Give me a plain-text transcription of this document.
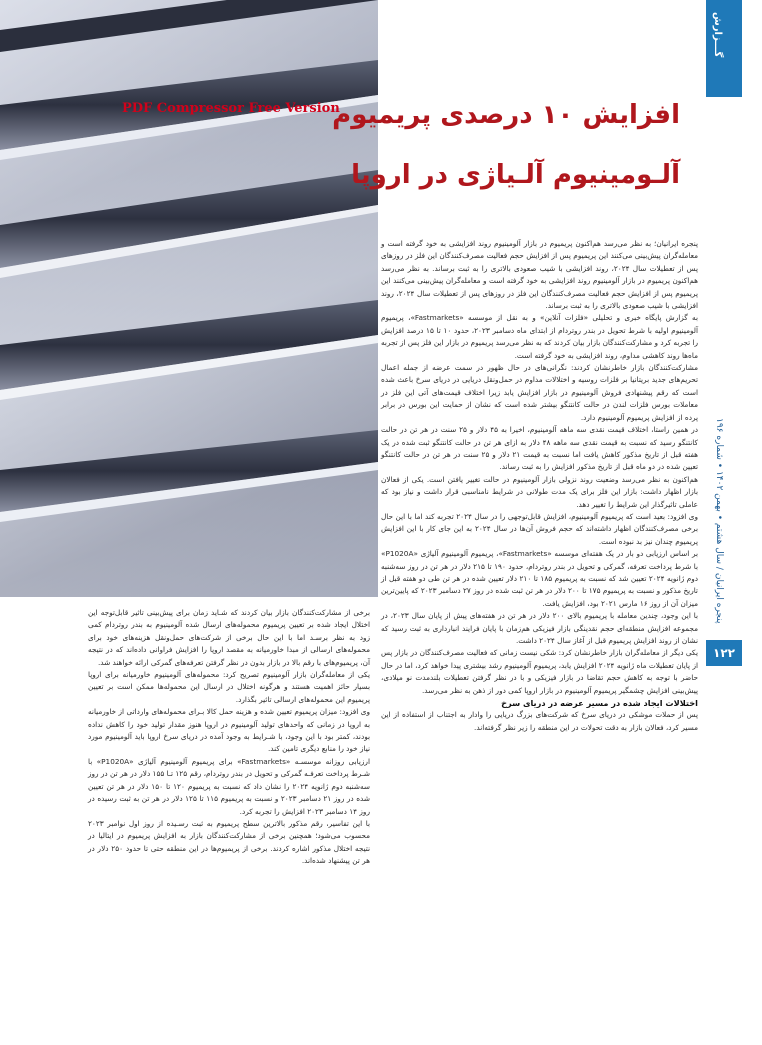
PDF Compressor Free Version
افزایش ۱۰ درصدی پریمیوم
آلـومینیوم آلـیاژی در اروپا
گـــزارش
پنجره ایرانیان / سال هشتم • بهمن ۱۴۰۲ • شماره ۱۹۶
۱۲۲

پنجره ایرانیان؛ به نظر می‌رسد هم‌اکنون پریمیوم در بازار آلومینیوم روند افزایشی به خود گرفته است و معامله‌گران پیش‌بینی می‌کنند این پریمیوم پس از افزایش حجم فعالیت مصرف‌کنندگان این فلز در روزهای پس از تعطیلات سال ۲۰۲۴، روند افزایشی با شیب صعودی بالاتری را به ثبت برساند. به نظر می‌رسد هم‌اکنون پریمیوم در بازار آلومینیوم روند افزایشی به خود گرفته است و معامله‌گران پیش‌بینی می‌کنند این پریمیوم پس از افزایش حجم فعالیت مصرف‌کنندگان این فلز در روزهای پس از تعطیلات سال ۲۰۲۴، روند افزایشی با شیب صعودی بالاتری را به ثبت برساند.

به گزارش پایگاه خبری و تحلیلی «فلزات آنلاین» و به نقل از موسسه «Fastmarkets»، پریمیوم آلومینیوم اولیه با شرط تحویل در بندر روتردام از ابتدای ماه دسامبر ۲۰۲۳، حدود ۱۰ تا ۱۵ درصد افزایش را تجربه کرد و مشارکت‌کنندگان بازار بیان کردند که به نظر می‌رسد پریمیوم در بازار این فلز پس از تجربه ماه‌ها روند کاهشی مداوم، روند افزایشی به خود گرفته است.

مشارکت‌کنندگان بازار خاطرنشان کردند: نگرانی‌های در حال ظهور در سمت عرضه از جمله اعمال تحریم‌های جدید بریتانیا بر فلزات روسیه و اختلالات مداوم در حمل‌ونقل دریایی در دریای سرخ باعث شده است که رقم پیشنهادی فروش آلومینیوم در بازار افزایش یابد زیرا اختلاف قیمت‌های آتی این فلز در معاملات بورس فلزات لندن در حالت کانتنگو بیشتر شده است که نشان از حمایت این بورس در برابر پرده از افزایش پریمیوم آلومینیوم دارد.

در همین راستا، اختلاف قیمت نقدی سه ماهه آلومینیوم، اخیرا به ۴۵ دلار و ۲۵ سنت در هر تن در حالت کانتنگو رسید که نسبت به قیمت نقدی سه ماهه ۴۸ دلار به ازای هر تن در حالت کانتنگو ثبت شده در یک هفته قبل از تاریخ مذکور کاهش یافت اما نسبت به قیمت ۲۱ دلار و ۲۵ سنت در هر تن در حالت کانتنگو تعیین شده در دو ماه قبل از تاریخ مذکور افزایش را به ثبت رساند.

هم‌اکنون به نظر می‌رسد وضعیت روند نزولی بازار آلومینیوم در حالت تغییر یافتن است. یکی از فعالان بازار اظهار داشت: بازار این فلز برای یک مدت طولانی در شرایط نامناسبی قرار داشت و نیاز بود که عاملی تاثیرگذار این شرایط را تغییر دهد.

وی افزود: بعید است که پریمیوم آلومینیوم، افزایش قابل‌توجهی را در سال ۲۰۲۴ تجربه کند اما با این حال برخی مصرف‌کنندگان اظهار داشته‌اند که حجم فروش آن‌ها در سال ۲۰۲۴ به این جای کار با این افزایش پریمیوم چندان نیز بد نبوده است.

بر اساس ارزیابی دو بار در یک هفته‌ای موسسه «Fastmarkets»، پریمیوم آلومینیوم آلیاژی «P1020A» با شرط پرداخت تعرفه، گمرکی و تحویل در بندر روتردام، حدود ۱۹۰ تا ۲۱۵ دلار در هر تن در روز سه‌شنبه دوم ژانویه ۲۰۲۴ تعیین شد که نسبت به پریمیوم ۱۸۵ تا ۲۱۰ دلار تعیین شده در هر تن طی دو هفته قبل از تاریخ مذکور و نسبت به پریمیوم ۱۷۵ تا ۲۰۰ دلار در هر تن ثبت شده در روز ۲۷ دسامبر ۲۰۲۳ که پایین‌ترین میزان آن از روز ۱۶ مارس ۲۰۲۱ بود، افزایش یافت.

با این وجود، چندین معامله با پریمیوم بالای ۲۰۰ دلار در هر تن در هفته‌های پیش از پایان سال ۲۰۲۳، در مجموعه افزایش منطقه‌ای حجم نقدینگی بازار فیزیکی هم‌زمان با پایان فرایند انبارداری به ثبت رسید که نشان از روند افزایش پریمیوم قبل از آغاز سال ۲۰۲۴ داشت.

یکی دیگر از معامله‌گران بازار خاطرنشان کرد: شکی نیست زمانی که فعالیت مصرف‌کنندگان در بازار پس از پایان تعطیلات ماه ژانویه ۲۰۲۴ افزایش یابد، پریمیوم آلومینیوم رشد بیشتری پیدا خواهد کرد، اما در حال حاضر با توجه به کاهش حجم تقاضا در بازار فیزیکی و با در نظر گرفتن تعطیلات بلندمدت نو میلادی، پیش‌بینی افزایش چشمگیر پریمیوم آلومینیوم در بازار اروپا کمی دور از ذهن به نظر می‌رسد.

اختلالات ایجاد شده در مسیر عرضه در دریای سرخ

پس از حملات موشکی در دریای سرخ که شرکت‌های بزرگ دریایی را وادار به اجتناب از استفاده از این مسیر کرد، فعالان بازار به دقت تحولات در این منطقه را زیر نظر گرفته‌اند.

برخی از مشارکت‌کنندگان بازار بیان کردند که شـاید زمان برای پیش‌بینی تاثیر قابل‌توجه این اختلال ایجاد شده بر تعیین پریمیوم محموله‌های ارسال شده آلومینیوم به بندر روتردام کمی زود به نظر برسـد اما با این حال برخی از شرکت‌های حمل‌ونقل هزینه‌های خود برای محموله‌های ارسالی از مبدا خاورمیانه به مقصد اروپا را افزایش فراوانی داده‌اند که در نتیجه آن، پریمیوم‌های با رقم بالا در بازار بدون در نظر گرفتن تعرفه‌های گمرکی ارائه خواهند شد.

یکی از معامله‌گران بازار آلومینیوم تصریح کرد: محموله‌های آلومینیوم خاورمیانه برای اروپا بسیار حائز اهمیت هستند و هرگونه اختلال در ارسال این محموله‌ها ممکن است بر تعیین پریمیوم این محموله‌های ارسالی تاثیر بگذارد.

وی افزود: میزان پریمیوم تعیین شده و هزینه حمل کالا بـرای محموله‌های وارداتی از خاورمیانه به اروپا در زمانی که واحدهای تولید آلومینیوم در اروپا هنوز مقدار تولید خود را کاهش نداده بودند، کمتر بود با این وجود، با شـرایط به وجود آمده در دریای سرخ اروپا باید آلومینیوم مورد نیاز خود را منابع دیگری تامین کند.

ارزیابی روزانه موسسـه «Fastmarkets» برای پریمیوم آلومینیوم آلیاژی «P1020A» با شـرط پرداخت تعرفـه گمرکی و تحویل در بندر روتردام، رقم ۱۲۵ تـا ۱۵۵ دلار در هر تن در روز سه‌شنبه دوم ژانویه ۲۰۲۴ را نشان داد که نسبت به پریمیوم ۱۲۰ تا ۱۵۰ دلار در هر تن تعیین شده در روز ۲۱ دسامبر ۲۰۲۳ و نسبت به پریمیوم ۱۱۵ تا ۱۲۵ دلار در هر تن به ثبت رسیده در روز ۱۴ دسامبر ۲۰۲۳ افزایش را تجربه کرد.

با این تفاسیر، رقم مذکور بالاترین سطح پریمیوم به ثبت رسـیده از روز اول نوامبر ۲۰۲۳ محسوب می‌شود؛ همچنین برخی از مشارکت‌کنندگان بازار به افزایش پریمیوم در ایتالیا در نتیجه اختلال مذکور اشاره کردند. برخی از پریمیوم‌ها در این منطقه حتی تا حدود ۲۵۰ دلار در هر تن پیشنهاد شده‌اند.
